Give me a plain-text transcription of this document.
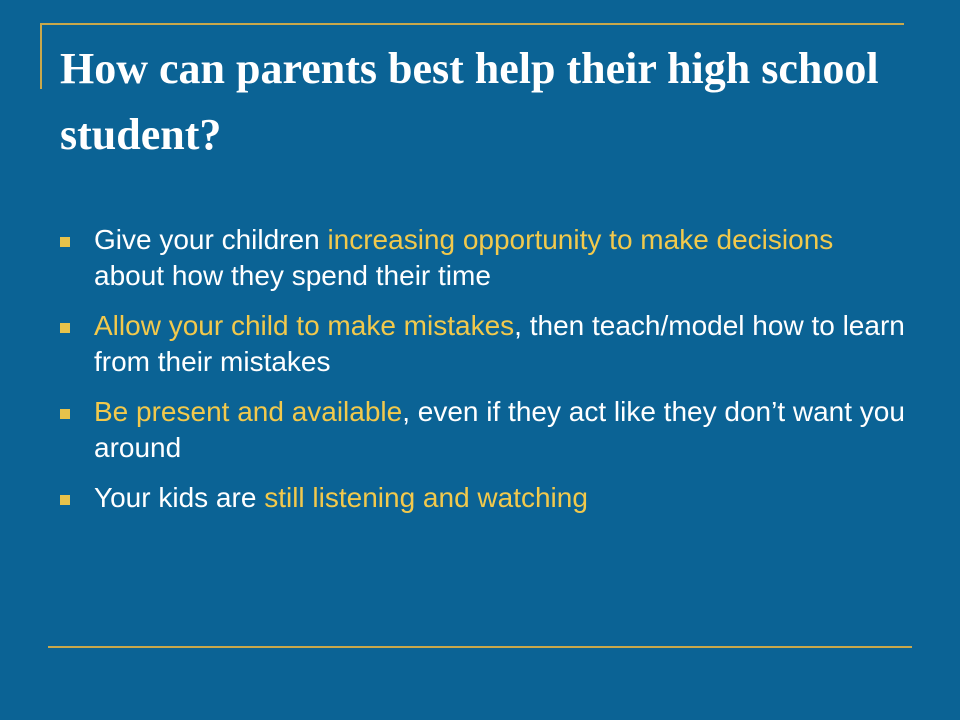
How can parents best help their high school student?
Give your children increasing opportunity to make decisions about how they spend their time
Allow your child to make mistakes, then teach/model how to learn from their mistakes
Be present and available, even if they act like they don’t want you around
Your kids are still listening and watching
